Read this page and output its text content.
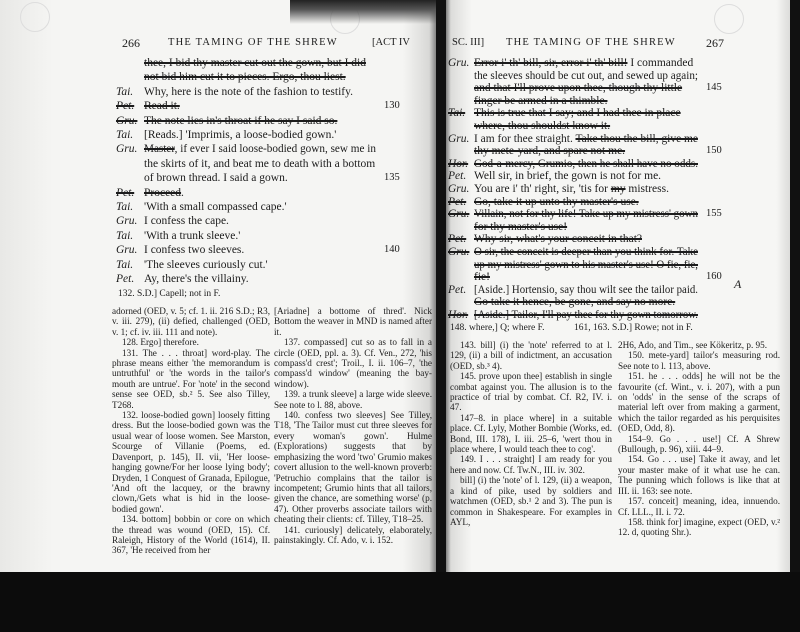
266	THE TAMING OF THE SHREW	[ACT IV
thee, I bid thy master cut out the gown, but I did
not bid him cut it to pieces. Ergo, thou liest.
Tai. Why, here is the note of the fashion to testify.
Pet. Read it.	130
Gru. The note lies in's throat if he say I said so.
Tai. [Reads.] 'Imprimis, a loose-bodied gown.'
Gru. Master, if ever I said loose-bodied gown, sew me in
the skirts of it, and beat me to death with a bottom
of brown thread. I said a gown.	135
Pet. Proceed.
Tai. 'With a small compassed cape.'
Gru. I confess the cape.
Tai. 'With a trunk sleeve.'
Gru. I confess two sleeves.	140
Tai. 'The sleeves curiously cut.'
Pet. Ay, there's the villainy.
132. S.D.] Capell; not in F.

adorned (OED, v. 5; cf. 1. ii. 216 S.D.; R3, v. iii. 279), (ii) defied, challenged (OED, v. 1; cf. iv. iii. 111 and note).

128. Ergo] therefore.

131. The . . . throat] word-play. The phrase means either 'the memorandum is untruthful' or 'the words in the tailor's mouth are untrue'. For 'note' in the second sense see OED, sb.² 5. See also Tilley, T268.

132. loose-bodied gown] loosely fitting dress. But the loose-bodied gown was the usual wear of loose women. See Marston, Scourge of Villanie (Poems, ed. Davenport, p. 145), II. vii, 'Her loose-hanging gowne/For her loose lying body'; Dryden, 1 Conquest of Granada, Epilogue, 'And oft the lacquey, or the brawny clown,/Gets what is hid in the loose-bodied gown'.

134. bottom] bobbin or core on which the thread was wound (OED, 15). Cf. Raleigh, History of the World (1614), II. 367, 'He received from her

[Ariadne] a bottome of thred'. Nick Bottom the weaver in MND is named after it.

137. compassed] cut so as to fall in a circle (OED, ppl. a. 3). Cf. Ven., 272, 'his compass'd crest'; Troil., I. ii. 106–7, 'the compass'd window' (meaning the bay-window).

139. a trunk sleeve] a large wide sleeve. See note to l. 88, above.

140. confess two sleeves] See Tilley, T18, 'The Tailor must cut three sleeves for every woman's gown'. Hulme (Explorations) suggests that by emphasizing the word 'two' Grumio makes covert allusion to the well-known proverb: 'Petruchio complains that the tailor is incompetent; Grumio hints that all tailors, given the chance, are something worse' (p. 47). Other proverbs associate tailors with cheating their clients: cf. Tilley, T18–25.

141. curiously] delicately, elaborately, painstakingly. Cf. Ado, v. i. 152.

SC. III] THE TAMING OF THE SHREW	267
Gru. Error i' th' bill, sir, error i' th' bill! I commanded
the sleeves should be cut out, and sewed up again;
and that I'll prove upon thee, though thy little 145
finger be armed in a thimble.
Tai. This is true that I say; and I had thee in place
where, thou shouldst know it.
Gru. I am for thee straight. Take thou the bill, give me
thy mete-yard, and spare not me.	150
Hor. God-a-mercy, Grumio, then he shall have no odds.
Pet. Well sir, in brief, the gown is not for me.
Gru. You are i' th' right, sir, 'tis for my mistress.
Pet. Go, take it up unto thy master's use.
Gru. Villain, not for thy life! Take up my mistress' gown 155
for thy master's use!
Pet. Why sir, what's your conceit in that?
Gru. O sir, the conceit is deeper than you think for. Take
up my mistress' gown to his master's use! O fie, fie,
fie!	160
Pet. [Aside.] Hortensio, say thou wilt see the tailor paid.
Go take it hence, be gone, and say no more.
Hor. [Aside.] Tailor, I'll pay thee for thy gown tomorrow.
A
148. where,] Q; where F.	161, 163. S.D.] Rowe; not in F.

143. bill] (i) the 'note' referred to at l. 129, (ii) a bill of indictment, an accusation (OED, sb.³ 4).

145. prove upon thee] establish in single combat against you. The allusion is to the practice of trial by combat. Cf. R2, IV. i. 47.

147–8. in place where] in a suitable place. Cf. Lyly, Mother Bombie (Works, ed. Bond, III. 178), I. iii. 25–6, 'wert thou in place where, I would teach thee to cog'.

149. I . . . straight] I am ready for you here and now. Cf. Tw.N., III. iv. 302.

bill] (i) the 'note' of l. 129, (ii) a weapon, a kind of pike, used by soldiers and watchmen (OED, sb.¹ 2 and 3). The pun is common in Shakespeare. For examples in AYL,

2H6, Ado, and Tim., see Kökeritz, p. 95.

150. mete-yard] tailor's measuring rod. See note to l. 113, above.

151. he . . . odds] he will not be the favourite (cf. Wint., v. i. 207), with a pun on 'odds' in the sense of the scraps of material left over from making a garment, which the tailor regarded as his perquisites (OED, Odd, 8).

154–9. Go . . . use!] Cf. A Shrew (Bullough, p. 96), xiii. 44–9.

154. Go . . . use] Take it away, and let your master make of it what use he can. The punning which follows is like that at III. ii. 163: see note.

157. conceit] meaning, idea, innuendo. Cf. LLL., II. i. 72.

158. think for] imagine, expect (OED, v.² 12. d, quoting Shr.).
